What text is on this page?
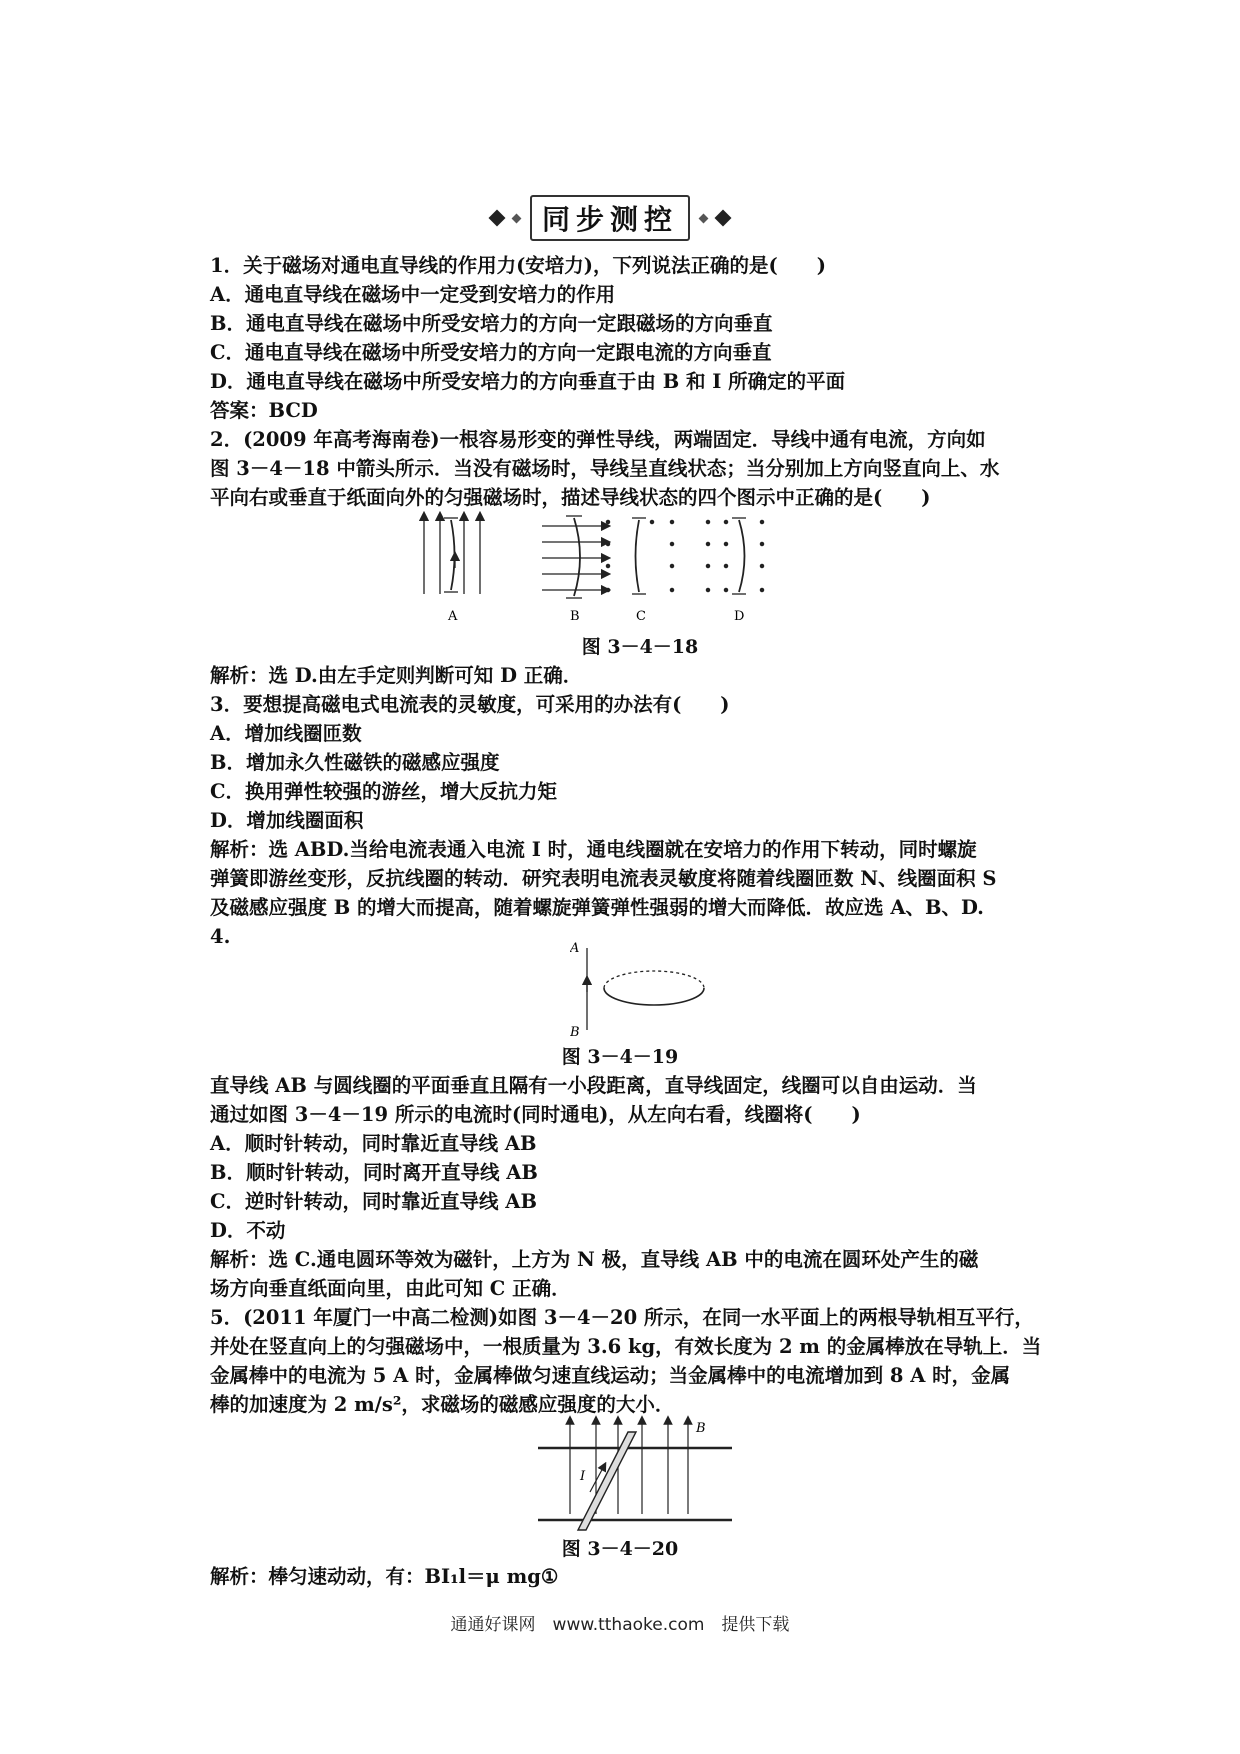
同步测控
1．关于磁场对通电直导线的作用力(安培力)，下列说法正确的是(　　)
A．通电直导线在磁场中一定受到安培力的作用
B．通电直导线在磁场中所受安培力的方向一定跟磁场的方向垂直
C．通电直导线在磁场中所受安培力的方向一定跟电流的方向垂直
D．通电直导线在磁场中所受安培力的方向垂直于由 B 和 I 所确定的平面
答案：BCD
2．(2009 年高考海南卷)一根容易形变的弹性导线，两端固定．导线中通有电流，方向如
图 3－4－18 中箭头所示．当没有磁场时，导线呈直线状态；当分别加上方向竖直向上、水
平向右或垂直于纸面向外的匀强磁场时，描述导线状态的四个图示中正确的是(　　)
A	B	C	D
图 3－4－18
解析：选 D.由左手定则判断可知 D 正确．
3．要想提高磁电式电流表的灵敏度，可采用的办法有(　　)
A．增加线圈匝数
B．增加永久性磁铁的磁感应强度
C．换用弹性较强的游丝，增大反抗力矩
D．增加线圈面积
解析：选 ABD.当给电流表通入电流 I 时，通电线圈就在安培力的作用下转动，同时螺旋
弹簧即游丝变形，反抗线圈的转动．研究表明电流表灵敏度将随着线圈匝数 N、线圈面积 S
及磁感应强度 B 的增大而提高，随着螺旋弹簧弹性强弱的增大而降低．故应选 A、B、D.
4.
A
B
图 3－4－19
直导线 AB 与圆线圈的平面垂直且隔有一小段距离，直导线固定，线圈可以自由运动．当
通过如图 3－4－19 所示的电流时(同时通电)，从左向右看，线圈将(　　)
A．顺时针转动，同时靠近直导线 AB
B．顺时针转动，同时离开直导线 AB
C．逆时针转动，同时靠近直导线 AB
D．不动
解析：选 C.通电圆环等效为磁针，上方为 N 极，直导线 AB 中的电流在圆环处产生的磁
场方向垂直纸面向里，由此可知 C 正确．
5．(2011 年厦门一中高二检测)如图 3－4－20 所示，在同一水平面上的两根导轨相互平行，
并处在竖直向上的匀强磁场中，一根质量为 3.6 kg，有效长度为 2 m 的金属棒放在导轨上．当
金属棒中的电流为 5 A 时，金属棒做匀速直线运动；当金属棒中的电流增加到 8 A 时，金属
棒的加速度为 2 m/s²，求磁场的磁感应强度的大小．
B
I
图 3－4－20
解析：棒匀速动动，有：BI₁l＝μ mg①
通通好课网　www.tthaoke.com　提供下载
